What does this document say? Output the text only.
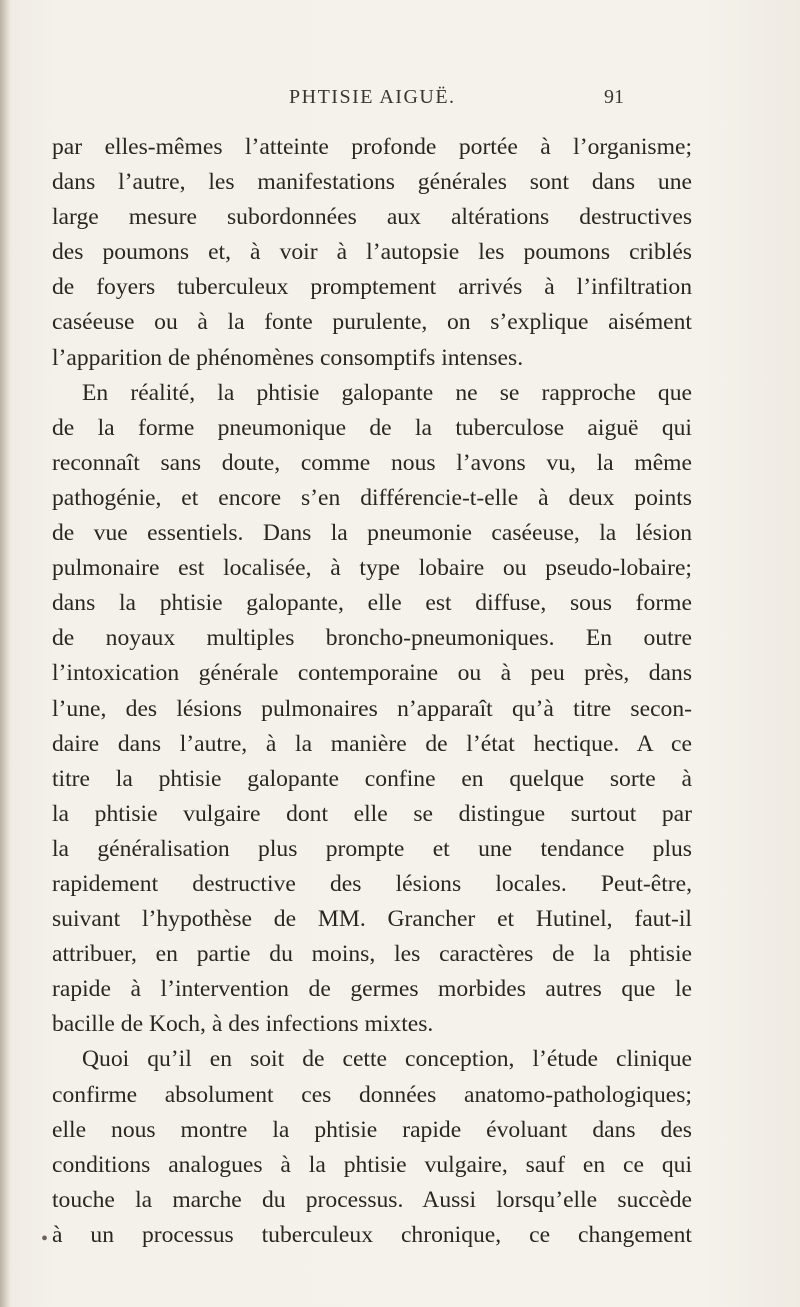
PHTISIE AIGUË.	91
par elles-mêmes l’atteinte profonde portée à l’organisme;
dans l’autre, les manifestations générales sont dans une
large mesure subordonnées aux altérations destructives
des poumons et, à voir à l’autopsie les poumons criblés
de foyers tuberculeux promptement arrivés à l’infiltration
caséeuse ou à la fonte purulente, on s’explique aisément
l’apparition de phénomènes consomptifs intenses.
En réalité, la phtisie galopante ne se rapproche que
de la forme pneumonique de la tuberculose aiguë qui
reconnaît sans doute, comme nous l’avons vu, la même
pathogénie, et encore s’en différencie-t-elle à deux points
de vue essentiels. Dans la pneumonie caséeuse, la lésion
pulmonaire est localisée, à type lobaire ou pseudo-lobaire;
dans la phtisie galopante, elle est diffuse, sous forme
de noyaux multiples broncho-pneumoniques. En outre
l’intoxication générale contemporaine ou à peu près, dans
l’une, des lésions pulmonaires n’apparaît qu’à titre secon-
daire dans l’autre, à la manière de l’état hectique. A ce
titre la phtisie galopante confine en quelque sorte à
la phtisie vulgaire dont elle se distingue surtout par
la généralisation plus prompte et une tendance plus
rapidement destructive des lésions locales. Peut-être,
suivant l’hypothèse de MM. Grancher et Hutinel, faut-il
attribuer, en partie du moins, les caractères de la phtisie
rapide à l’intervention de germes morbides autres que le
bacille de Koch, à des infections mixtes.
Quoi qu’il en soit de cette conception, l’étude clinique
confirme absolument ces données anatomo-pathologiques;
elle nous montre la phtisie rapide évoluant dans des
conditions analogues à la phtisie vulgaire, sauf en ce qui
touche la marche du processus. Aussi lorsqu’elle succède
à un processus tuberculeux chronique, ce changement
•
